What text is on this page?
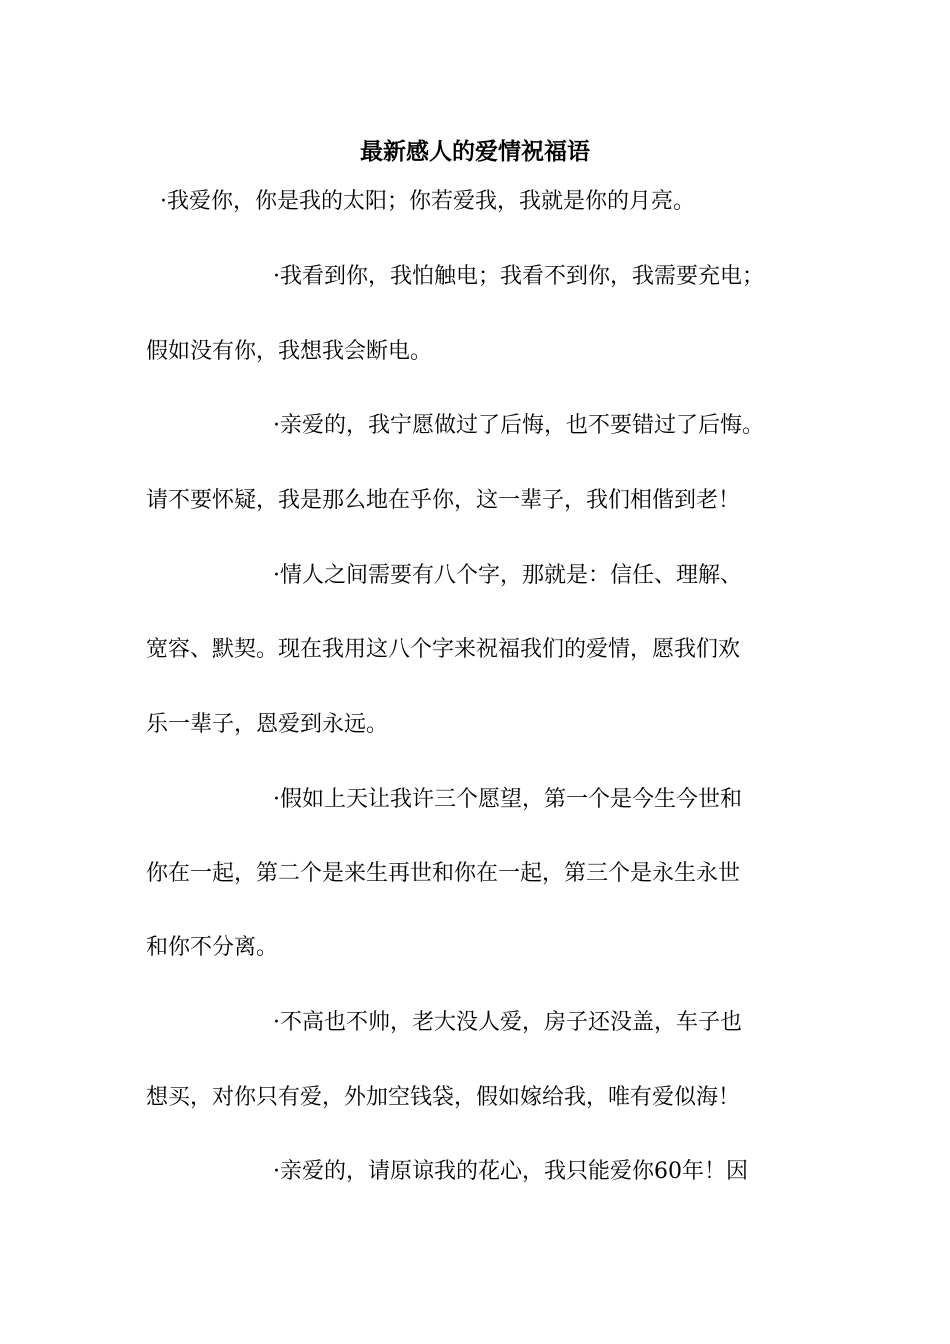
最新感人的爱情祝福语
·我爱你，你是我的太阳；你若爱我，我就是你的月亮。
·我看到你，我怕触电；我看不到你，我需要充电；
假如没有你，我想我会断电。
·亲爱的，我宁愿做过了后悔，也不要错过了后悔。
请不要怀疑，我是那么地在乎你，这一辈子，我们相偕到老！
·情人之间需要有八个字，那就是：信任、理解、
宽容、默契。现在我用这八个字来祝福我们的爱情，愿我们欢
乐一辈子，恩爱到永远。
·假如上天让我许三个愿望，第一个是今生今世和
你在一起，第二个是来生再世和你在一起，第三个是永生永世
和你不分离。
·不高也不帅，老大没人爱，房子还没盖，车子也
想买，对你只有爱，外加空钱袋，假如嫁给我，唯有爱似海！
·亲爱的，请原谅我的花心，我只能爱你60年！因
